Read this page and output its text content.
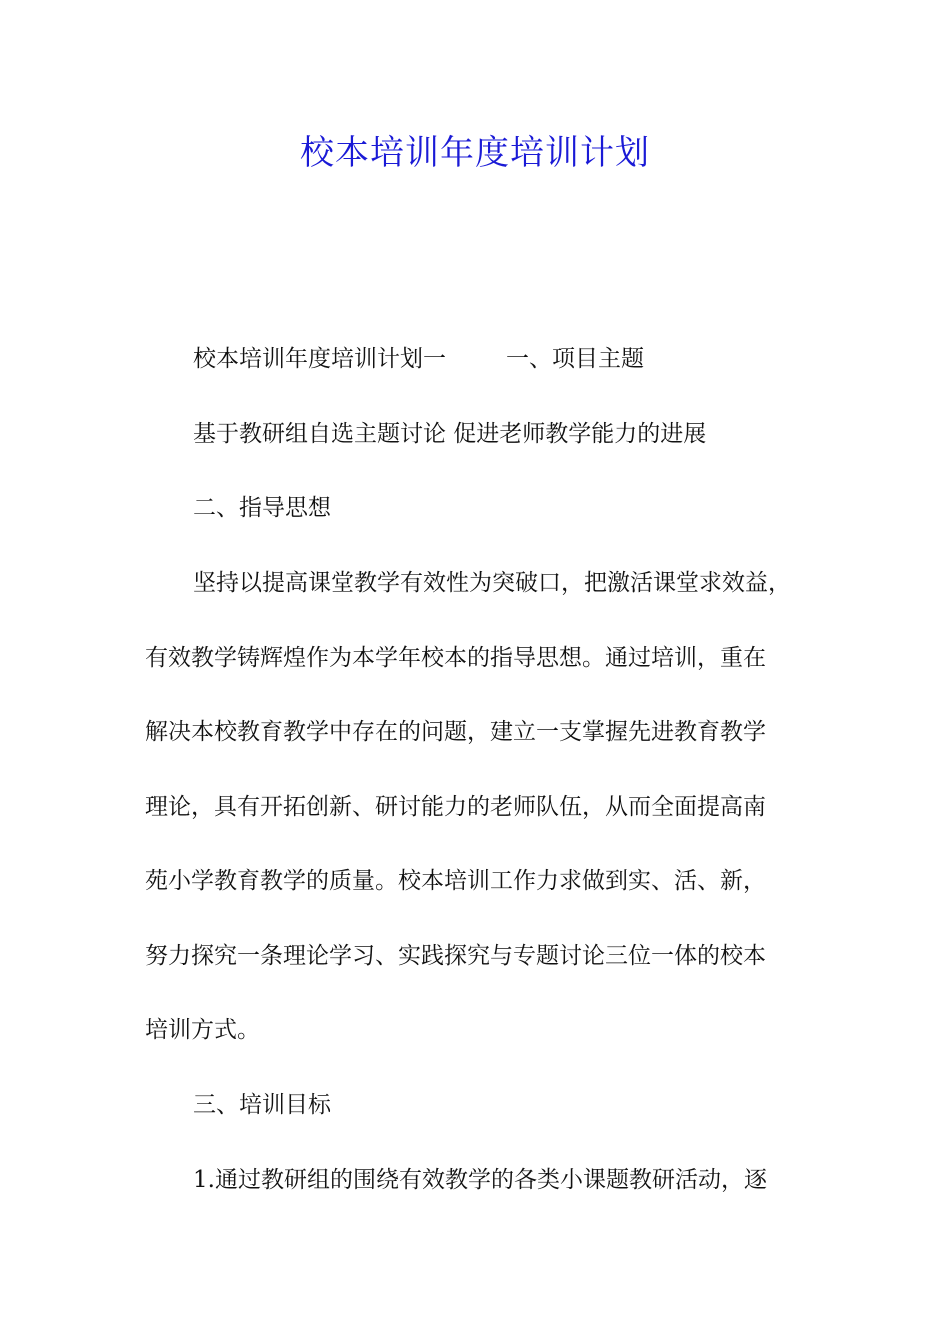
校本培训年度培训计划

校本培训年度培训计划一	一、项目主题

基于教研组自选主题讨论 促进老师教学能力的进展

二、指导思想

坚持以提高课堂教学有效性为突破口，把激活课堂求效益，

有效教学铸辉煌作为本学年校本的指导思想。通过培训，重在

解决本校教育教学中存在的问题，建立一支掌握先进教育教学

理论，具有开拓创新、研讨能力的老师队伍，从而全面提高南

苑小学教育教学的质量。校本培训工作力求做到实、活、新，

努力探究一条理论学习、实践探究与专题讨论三位一体的校本

培训方式。

三、培训目标

1.通过教研组的围绕有效教学的各类小课题教研活动，逐
